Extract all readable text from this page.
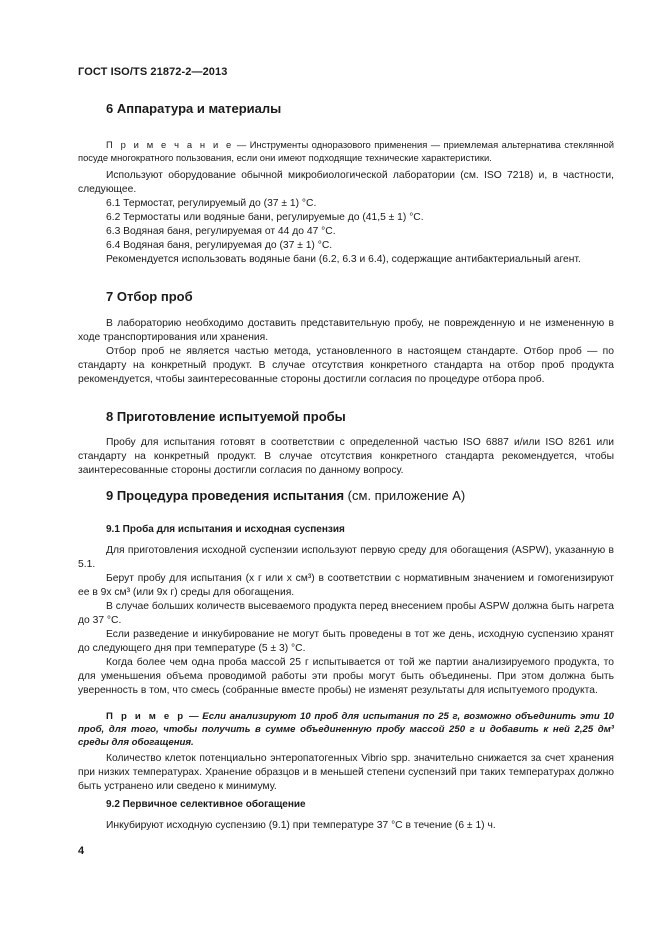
ГОСТ ISO/TS 21872-2—2013
6 Аппаратура и материалы

П р и м е ч а н и е — Инструменты одноразового применения — приемлемая альтернатива стеклянной посуде многократного пользования, если они имеют подходящие технические характеристики.

Используют оборудование обычной микробиологической лаборатории (см. ISO 7218) и, в частности, следующее.

6.1 Термостат, регулируемый до (37 ± 1) °С.

6.2 Термостаты или водяные бани, регулируемые до (41,5 ± 1) °С.

6.3 Водяная баня, регулируемая от 44 до 47 °С.

6.4 Водяная баня, регулируемая до (37 ± 1) °С.

Рекомендуется использовать водяные бани (6.2, 6.3 и 6.4), содержащие антибактериальный агент.

7 Отбор проб

В лабораторию необходимо доставить представительную пробу, не поврежденную и не измененную в ходе транспортирования или хранения.

Отбор проб не является частью метода, установленного в настоящем стандарте. Отбор проб — по стандарту на конкретный продукт. В случае отсутствия конкретного стандарта на отбор проб продукта рекомендуется, чтобы заинтересованные стороны достигли согласия по процедуре отбора проб.

8 Приготовление испытуемой пробы

Пробу для испытания готовят в соответствии с определенной частью ISO 6887 и/или ISO 8261 или стандарту на конкретный продукт. В случае отсутствия конкретного стандарта рекомендуется, чтобы заинтересованные стороны достигли согласия по данному вопросу.

9 Процедура проведения испытания (см. приложение А)
9.1 Проба для испытания и исходная суспензия

Для приготовления исходной суспензии используют первую среду для обогащения (ASPW), указанную в 5.1.

Берут пробу для испытания (x г или x см³) в соответствии с нормативным значением и гомогенизируют ее в 9x см³ (или 9x г) среды для обогащения.

В случае больших количеств высеваемого продукта перед внесением пробы ASPW должна быть нагрета до 37 °С.

Если разведение и инкубирование не могут быть проведены в тот же день, исходную суспензию хранят до следующего дня при температуре (5 ± 3) °С.

Когда более чем одна проба массой 25 г испытывается от той же партии анализируемого продукта, то для уменьшения объема проводимой работы эти пробы могут быть объединены. При этом должна быть уверенность в том, что смесь (собранные вместе пробы) не изменят результаты для испытуемого продукта.

П р и м е р — Если анализируют 10 проб для испытания по 25 г, возможно объединить эти 10 проб, для того, чтобы получить в сумме объединенную пробу массой 250 г и добавить к ней 2,25 дм³ среды для обогащения.

Количество клеток потенциально энтеропатогенных Vibrio spp. значительно снижается за счет хранения при низких температурах. Хранение образцов и в меньшей степени суспензий при таких температурах должно быть устранено или сведено к минимуму.

9.2 Первичное селективное обогащение

Инкубируют исходную суспензию (9.1) при температуре 37 °С в течение (6 ± 1) ч.

4
